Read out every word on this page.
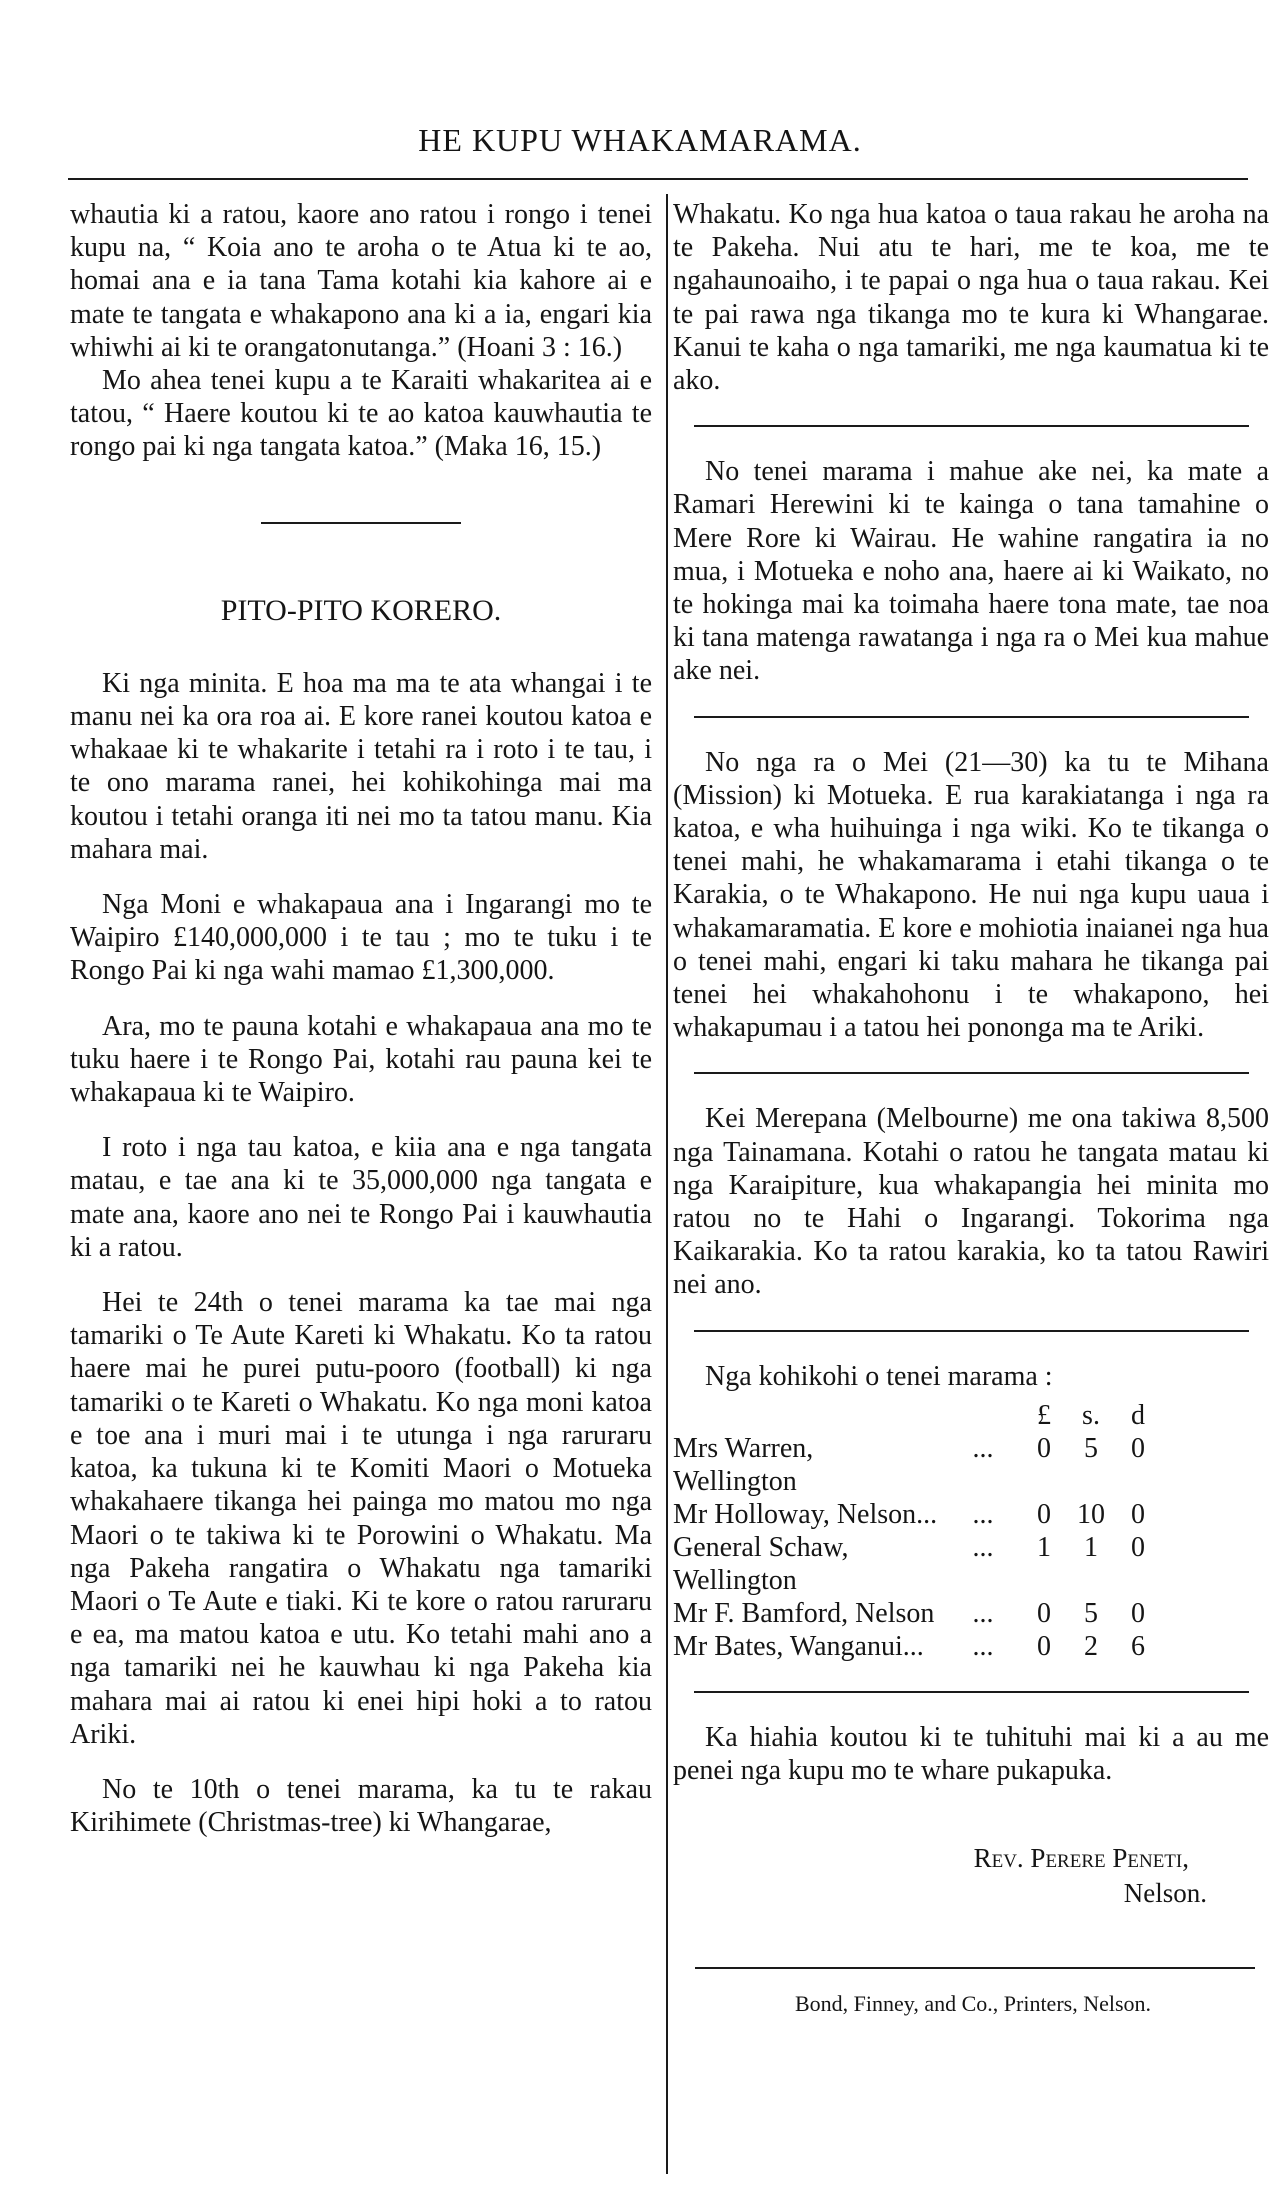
HE KUPU WHAKAMARAMA.

whautia ki a ratou, kaore ano ratou i rongo i tenei kupu na, “ Koia ano te aroha o te Atua ki te ao, homai ana e ia tana Tama kotahi kia kahore ai e mate te tangata e whakapono ana ki a ia, engari kia whiwhi ai ki te orangatonutanga.” (Hoani 3 : 16.)

Mo ahea tenei kupu a te Karaiti whakaritea ai e tatou, “ Haere koutou ki te ao katoa kauwhautia te rongo pai ki nga tangata katoa.” (Maka 16, 15.)

PITO-PITO KORERO.

Ki nga minita. E hoa ma ma te ata whangai i te manu nei ka ora roa ai. E kore ranei koutou katoa e whakaae ki te whakarite i tetahi ra i roto i te tau, i te ono marama ranei, hei kohikohinga mai ma koutou i tetahi oranga iti nei mo ta tatou manu. Kia mahara mai.

Nga Moni e whakapaua ana i Ingarangi mo te Waipiro £140,000,000 i te tau ; mo te tuku i te Rongo Pai ki nga wahi mamao £1,300,000.

Ara, mo te pauna kotahi e whakapaua ana mo te tuku haere i te Rongo Pai, kotahi rau pauna kei te whakapaua ki te Waipiro.

I roto i nga tau katoa, e kiia ana e nga tangata matau, e tae ana ki te 35,000,000 nga tangata e mate ana, kaore ano nei te Rongo Pai i kauwhautia ki a ratou.

Hei te 24th o tenei marama ka tae mai nga tamariki o Te Aute Kareti ki Whakatu. Ko ta ratou haere mai he purei putu-pooro (football) ki nga tamariki o te Kareti o Whakatu. Ko nga moni katoa e toe ana i muri mai i te utunga i nga raruraru katoa, ka tukuna ki te Komiti Maori o Motueka whakahaere tikanga hei painga mo matou mo nga Maori o te takiwa ki te Porowini o Whakatu. Ma nga Pakeha rangatira o Whakatu nga tamariki Maori o Te Aute e tiaki. Ki te kore o ratou raruraru e ea, ma matou katoa e utu. Ko tetahi mahi ano a nga tamariki nei he kauwhau ki nga Pakeha kia mahara mai ai ratou ki enei hipi hoki a to ratou Ariki.

No te 10th o tenei marama, ka tu te rakau Kirihimete (Christmas-tree) ki Whangarae,

Whakatu. Ko nga hua katoa o taua rakau he aroha na te Pakeha. Nui atu te hari, me te koa, me te ngahaunoaiho, i te papai o nga hua o taua rakau. Kei te pai rawa nga tikanga mo te kura ki Whangarae. Kanui te kaha o nga tamariki, me nga kaumatua ki te ako.

No tenei marama i mahue ake nei, ka mate a Ramari Herewini ki te kainga o tana tamahine o Mere Rore ki Wairau. He wahine rangatira ia no mua, i Motueka e noho ana, haere ai ki Waikato, no te hokinga mai ka toimaha haere tona mate, tae noa ki tana matenga rawatanga i nga ra o Mei kua mahue ake nei.

No nga ra o Mei (21—30) ka tu te Mihana (Mission) ki Motueka. E rua karakiatanga i nga ra katoa, e wha huihuinga i nga wiki. Ko te tikanga o tenei mahi, he whakamarama i etahi tikanga o te Karakia, o te Whakapono. He nui nga kupu uaua i whakamaramatia. E kore e mohiotia inaianei nga hua o tenei mahi, engari ki taku mahara he tikanga pai tenei hei whakahohonu i te whakapono, hei whakapumau i a tatou hei pononga ma te Ariki.

Kei Merepana (Melbourne) me ona takiwa 8,500 nga Tainamana. Kotahi o ratou he tangata matau ki nga Karaipiture, kua whakapangia hei minita mo ratou no te Hahi o Ingarangi. Tokorima nga Kaikarakia. Ko ta ratou karakia, ko ta tatou Rawiri nei ano.

Nga kohikohi o tenei marama :
		£	s.	d
Mrs Warren, Wellington	...	0	5	0
Mr Holloway, Nelson...	...	0	10	0
General Schaw, Wellington	...	1	1	0
Mr F. Bamford, Nelson	...	0	5	0
Mr Bates, Wanganui...	...	0	2	6

Ka hiahia koutou ki te tuhituhi mai ki a au me penei nga kupu mo te whare pukapuka.

Rev. Perere Peneti,
Nelson.
Bond, Finney, and Co., Printers, Nelson.
